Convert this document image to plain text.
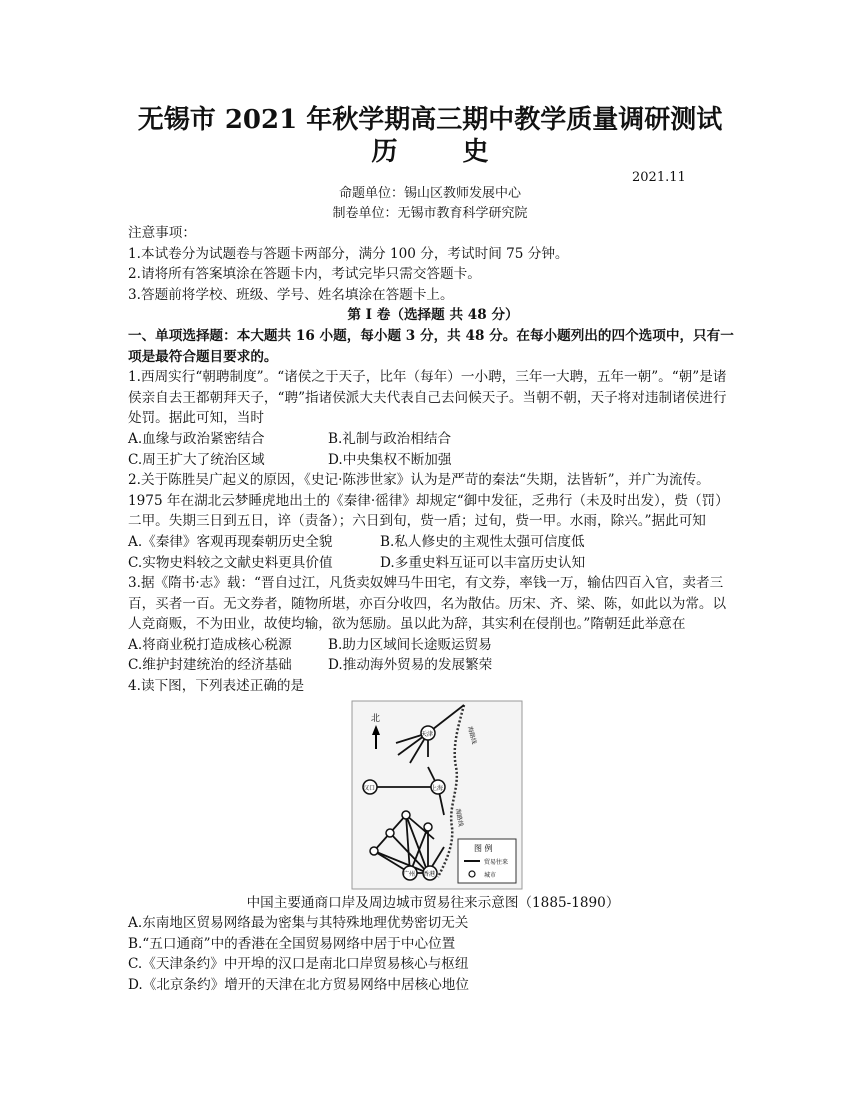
无锡市 2021 年秋学期高三期中教学质量调研测试
历 史
2021.11
命题单位：锡山区教师发展中心
制卷单位：无锡市教育科学研究院

注意事项：

1.本试卷分为试题卷与答题卡两部分，满分 100 分，考试时间 75 分钟。

2.请将所有答案填涂在答题卡内，考试完毕只需交答题卡。

3.答题前将学校、班级、学号、姓名填涂在答题卡上。

第 I 卷（选择题 共 48 分）

一、单项选择题：本大题共 16 小题，每小题 3 分，共 48 分。在每小题列出的四个选项中，只有一项是最符合题目要求的。

1.西周实行“朝聘制度”。“诸侯之于天子，比年（每年）一小聘，三年一大聘，五年一朝”。“朝”是诸侯亲自去王都朝拜天子，“聘”指诸侯派大夫代表自己去问候天子。当朝不朝，天子将对违制诸侯进行处罚。据此可知，当时

A.血缘与政治紧密结合	B.礼制与政治相结合
C.周王扩大了统治区域	D.中央集权不断加强

2.关于陈胜吴广起义的原因，《史记·陈涉世家》认为是严苛的秦法“失期，法皆斩”，并广为流传。1975 年在湖北云梦睡虎地出土的《秦律·徭律》却规定“御中发征，乏弗行（未及时出发），赀（罚）二甲。失期三日到五日，谇（责备）；六日到旬，赀一盾；过旬，赀一甲。水雨，除兴。”据此可知

A.《秦律》客观再现秦朝历史全貌	B.私人修史的主观性太强可信度低
C.实物史料较之文献史料更具价值	D.多重史料互证可以丰富历史认知

3.据《隋书·志》载：“晋自过江，凡货卖奴婢马牛田宅，有文券，率钱一万，输估四百入官，卖者三百，买者一百。无文券者，随物所堪，亦百分收四，名为散估。历宋、齐、梁、陈，如此以为常。以人竞商贩，不为田业，故使均输，欲为惩励。虽以此为辞，其实利在侵削也。”隋朝廷此举意在

A.将商业税打造成核心税源	B.助力区域间长途贩运贸易
C.维护封建统治的经济基础	D.推动海外贸易的发展繁荣

4.读下图，下列表述正确的是

北
天津
汉口	上海
广州 香港
海路线
海路线
图 例
贸易往来
城市

中国主要通商口岸及周边城市贸易往来示意图（1885-1890）

A.东南地区贸易网络最为密集与其特殊地理优势密切无关

B.“五口通商”中的香港在全国贸易网络中居于中心位置

C.《天津条约》中开埠的汉口是南北口岸贸易核心与枢纽

D.《北京条约》增开的天津在北方贸易网络中居核心地位
